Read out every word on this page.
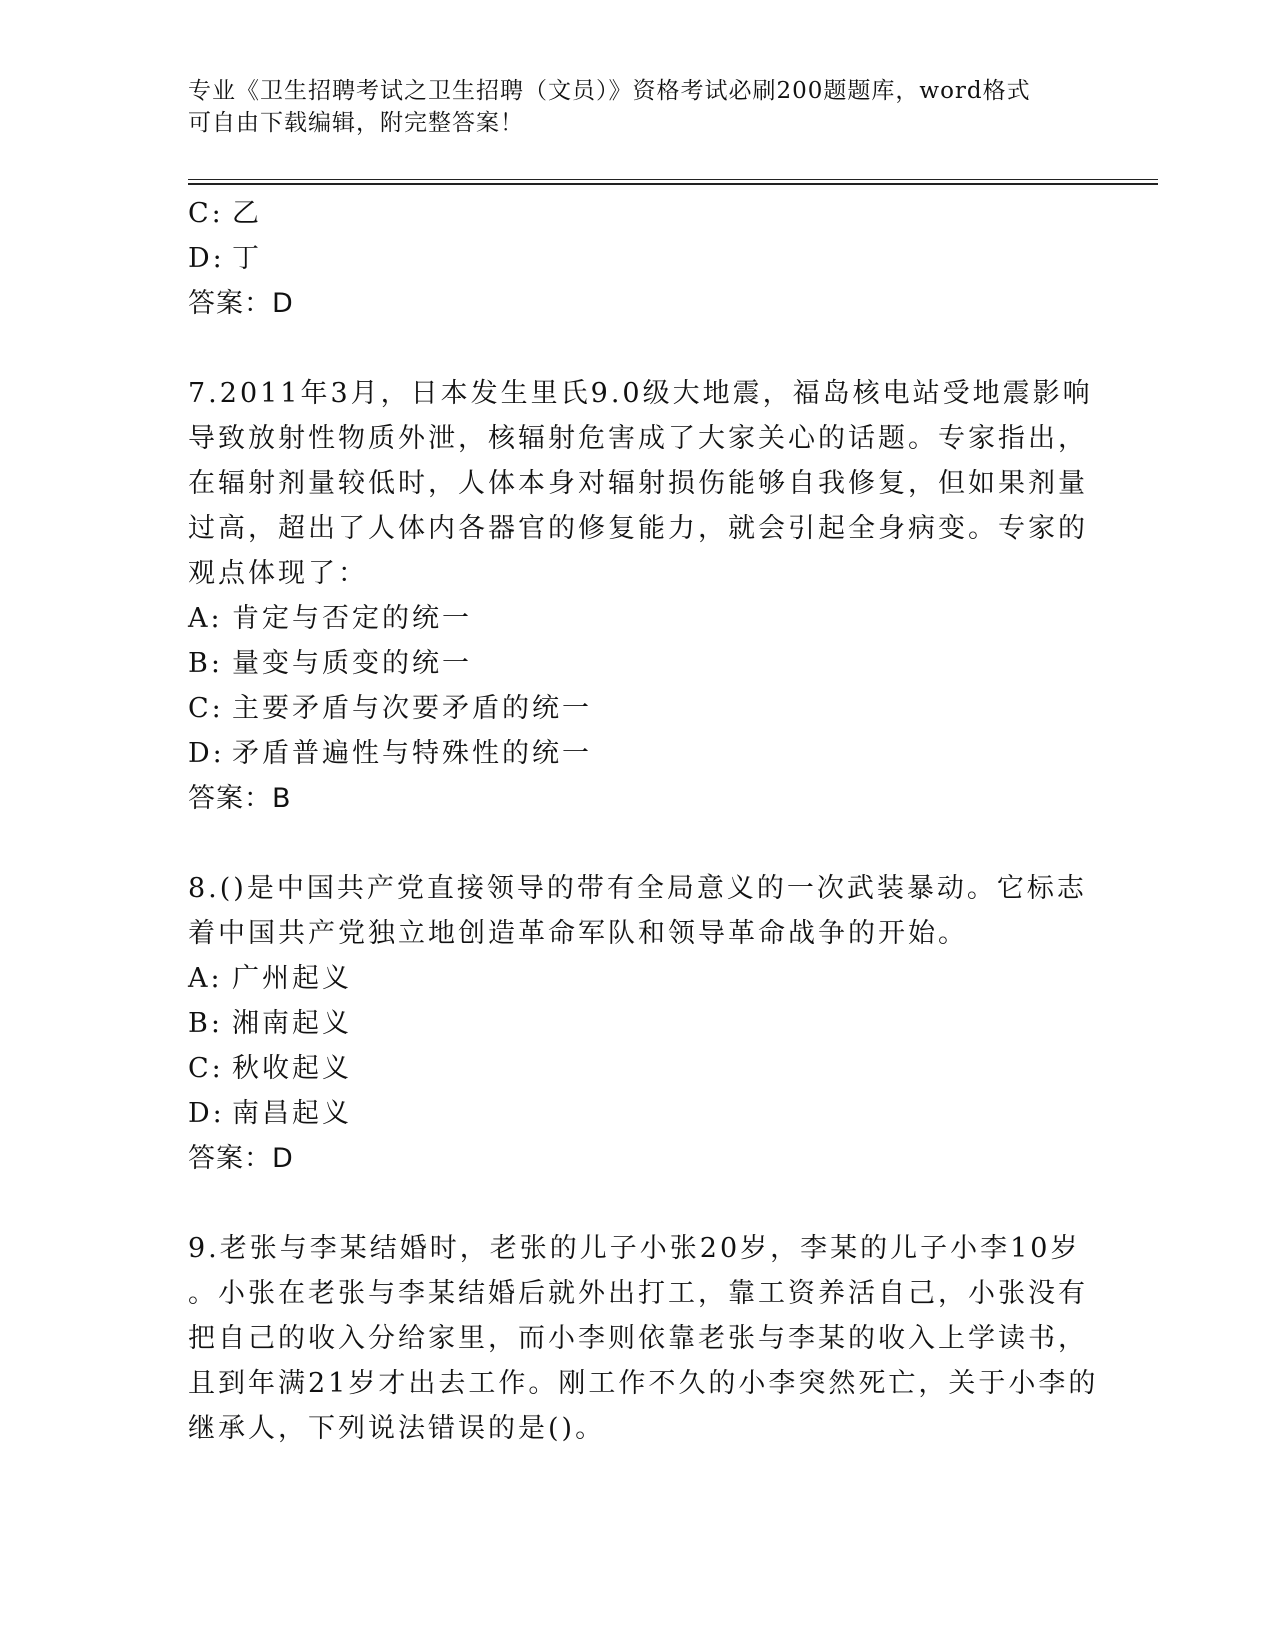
专业《卫生招聘考试之卫生招聘（文员）》资格考试必刷200题题库，word格式
可自由下载编辑，附完整答案！
C: 乙
D: 丁
答案：D
7.2011年3月，日本发生里氏9.0级大地震，福岛核电站受地震影响
导致放射性物质外泄，核辐射危害成了大家关心的话题。专家指出，
在辐射剂量较低时，人体本身对辐射损伤能够自我修复，但如果剂量
过高，超出了人体内各器官的修复能力，就会引起全身病变。专家的
观点体现了：
A: 肯定与否定的统一
B: 量变与质变的统一
C: 主要矛盾与次要矛盾的统一
D: 矛盾普遍性与特殊性的统一
答案：B
8.()是中国共产党直接领导的带有全局意义的一次武装暴动。它标志
着中国共产党独立地创造革命军队和领导革命战争的开始。
A: 广州起义
B: 湘南起义
C: 秋收起义
D: 南昌起义
答案：D
9.老张与李某结婚时，老张的儿子小张20岁，李某的儿子小李10岁
。小张在老张与李某结婚后就外出打工，靠工资养活自己，小张没有
把自己的收入分给家里，而小李则依靠老张与李某的收入上学读书，
且到年满21岁才出去工作。刚工作不久的小李突然死亡，关于小李的
继承人，下列说法错误的是()。
